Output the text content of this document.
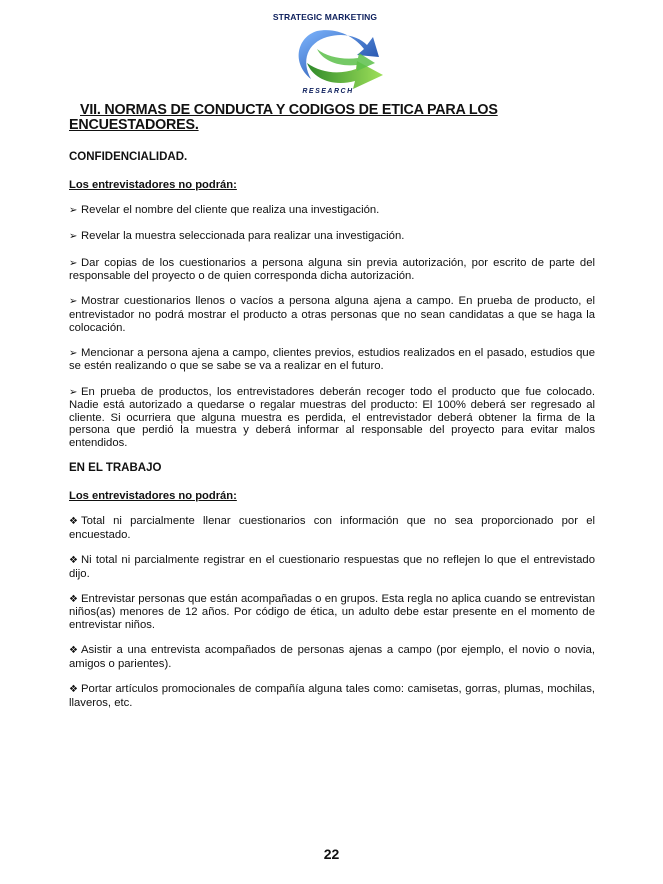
STRATEGIC MARKETING
RESEARCH
VII. NORMAS DE CONDUCTA Y CODIGOS DE ETICA PARA LOS ENCUESTADORES.
CONFIDENCIALIDAD.
Los entrevistadores no podrán:
➢ Revelar el nombre del cliente que realiza una investigación.
➢ Revelar la muestra seleccionada para realizar una investigación.
➢ Dar copias de los cuestionarios a persona alguna sin previa autorización, por escrito de parte del responsable del proyecto o de quien corresponda dicha autorización.
➢ Mostrar cuestionarios llenos o vacíos a persona alguna ajena a campo. En prueba de producto, el entrevistador no podrá mostrar el producto a otras personas que no sean candidatas a que se haga la colocación.
➢ Mencionar a persona ajena a campo, clientes previos, estudios realizados en el pasado, estudios que se estén realizando o que se sabe se va a realizar en el futuro.
➢ En prueba de productos, los entrevistadores deberán recoger todo el producto que fue colocado. Nadie está autorizado a quedarse o regalar muestras del producto: El 100% deberá ser regresado al cliente. Si ocurriera que alguna muestra es perdida, el entrevistador deberá obtener la firma de la persona que perdió la muestra y deberá informar al responsable del proyecto para evitar malos entendidos.
EN EL TRABAJO
Los entrevistadores no podrán:
❖ Total ni parcialmente llenar cuestionarios con información que no sea proporcionado por el encuestado.
❖ Ni total ni parcialmente registrar en el cuestionario respuestas que no reflejen lo que el entrevistado dijo.
❖ Entrevistar personas que están acompañadas o en grupos. Esta regla no aplica cuando se entrevistan niños(as) menores de 12 años. Por código de ética, un adulto debe estar presente en el momento de entrevistar niños.
❖ Asistir a una entrevista acompañados de personas ajenas a campo (por ejemplo, el novio o novia, amigos o parientes).
❖ Portar artículos promocionales de compañía alguna tales como: camisetas, gorras, plumas, mochilas, llaveros, etc.
22
